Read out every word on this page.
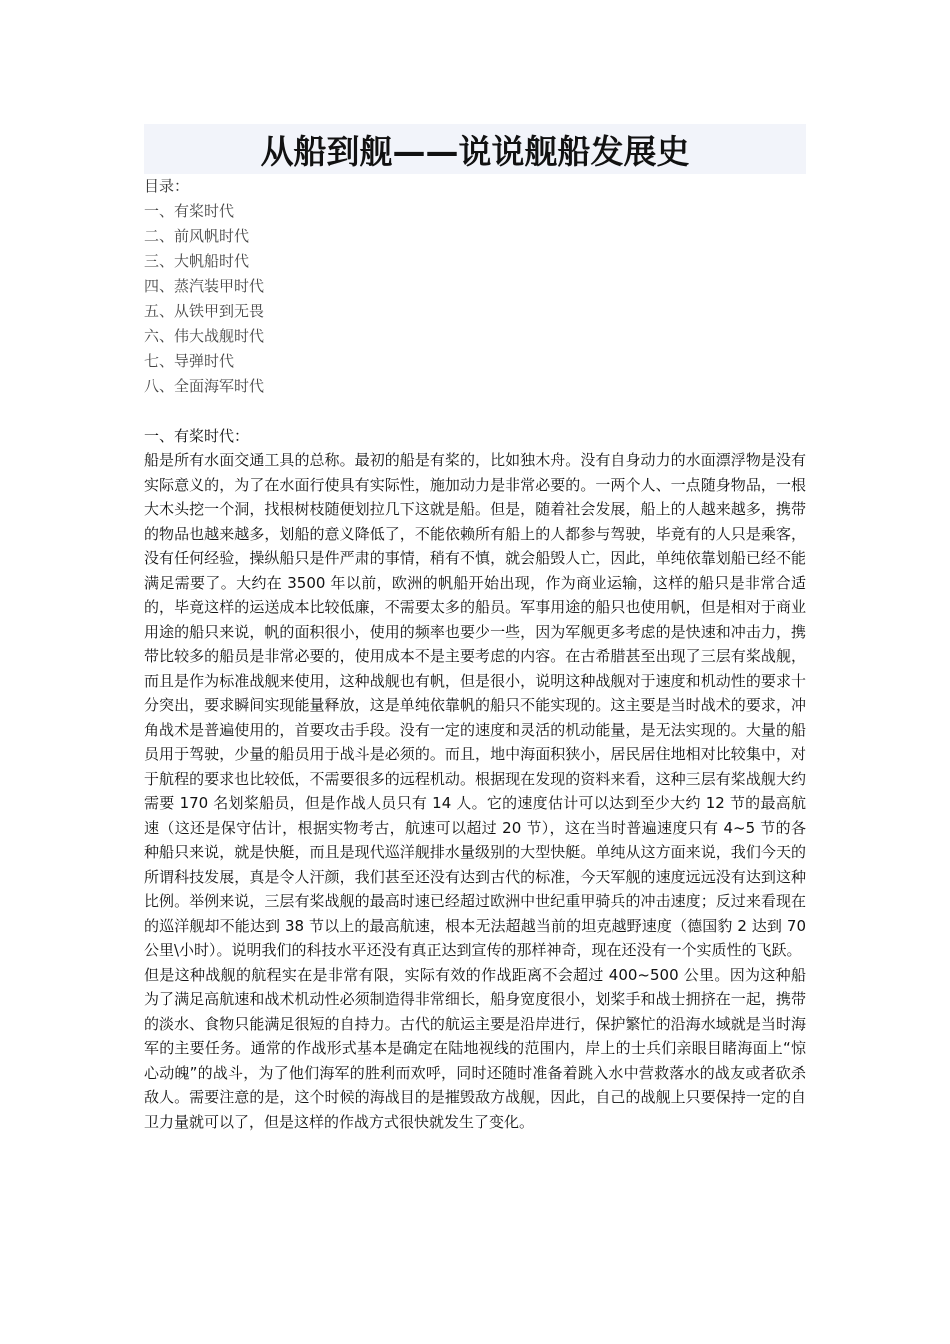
从船到舰——说说舰船发展史
目录：
一、有桨时代
二、前风帆时代
三、大帆船时代
四、蒸汽装甲时代
五、从铁甲到无畏
六、伟大战舰时代
七、导弹时代
八、全面海军时代
一、有桨时代：

船是所有水面交通工具的总称。最初的船是有桨的，比如独木舟。没有自身动力的水面漂浮物是没有实际意义的，为了在水面行使具有实际性，施加动力是非常必要的。一两个人、一点随身物品，一根大木头挖一个洞，找根树枝随便划拉几下这就是船。但是，随着社会发展，船上的人越来越多，携带的物品也越来越多，划船的意义降低了，不能依赖所有船上的人都参与驾驶，毕竟有的人只是乘客，没有任何经验，操纵船只是件严肃的事情，稍有不慎，就会船毁人亡，因此，单纯依靠划船已经不能满足需要了。大约在 3500 年以前，欧洲的帆船开始出现，作为商业运输，这样的船只是非常合适的，毕竟这样的运送成本比较低廉，不需要太多的船员。军事用途的船只也使用帆，但是相对于商业用途的船只来说，帆的面积很小，使用的频率也要少一些，因为军舰更多考虑的是快速和冲击力，携带比较多的船员是非常必要的，使用成本不是主要考虑的内容。在古希腊甚至出现了三层有桨战舰，而且是作为标准战舰来使用，这种战舰也有帆，但是很小，说明这种战舰对于速度和机动性的要求十分突出，要求瞬间实现能量释放，这是单纯依靠帆的船只不能实现的。这主要是当时战术的要求，冲角战术是普遍使用的，首要攻击手段。没有一定的速度和灵活的机动能量，是无法实现的。大量的船员用于驾驶，少量的船员用于战斗是必须的。而且，地中海面积狭小，居民居住地相对比较集中，对于航程的要求也比较低，不需要很多的远程机动。根据现在发现的资料来看，这种三层有桨战舰大约需要 170 名划桨船员，但是作战人员只有 14 人。它的速度估计可以达到至少大约 12 节的最高航速（这还是保守估计，根据实物考古，航速可以超过 20 节），这在当时普遍速度只有 4~5 节的各种船只来说，就是快艇，而且是现代巡洋舰排水量级别的大型快艇。单纯从这方面来说，我们今天的所谓科技发展，真是令人汗颜，我们甚至还没有达到古代的标准，今天军舰的速度远远没有达到这种比例。举例来说，三层有桨战舰的最高时速已经超过欧洲中世纪重甲骑兵的冲击速度；反过来看现在的巡洋舰却不能达到 38 节以上的最高航速，根本无法超越当前的坦克越野速度（德国豹 2 达到 70 公里\小时）。说明我们的科技水平还没有真正达到宣传的那样神奇，现在还没有一个实质性的飞跃。

但是这种战舰的航程实在是非常有限，实际有效的作战距离不会超过 400~500 公里。因为这种船为了满足高航速和战术机动性必须制造得非常细长，船身宽度很小，划桨手和战士拥挤在一起，携带的淡水、食物只能满足很短的自持力。古代的航运主要是沿岸进行，保护繁忙的沿海水域就是当时海军的主要任务。通常的作战形式基本是确定在陆地视线的范围内，岸上的士兵们亲眼目睹海面上“惊心动魄”的战斗，为了他们海军的胜利而欢呼，同时还随时准备着跳入水中营救落水的战友或者砍杀敌人。需要注意的是，这个时候的海战目的是摧毁敌方战舰，因此，自己的战舰上只要保持一定的自卫力量就可以了，但是这样的作战方式很快就发生了变化。
